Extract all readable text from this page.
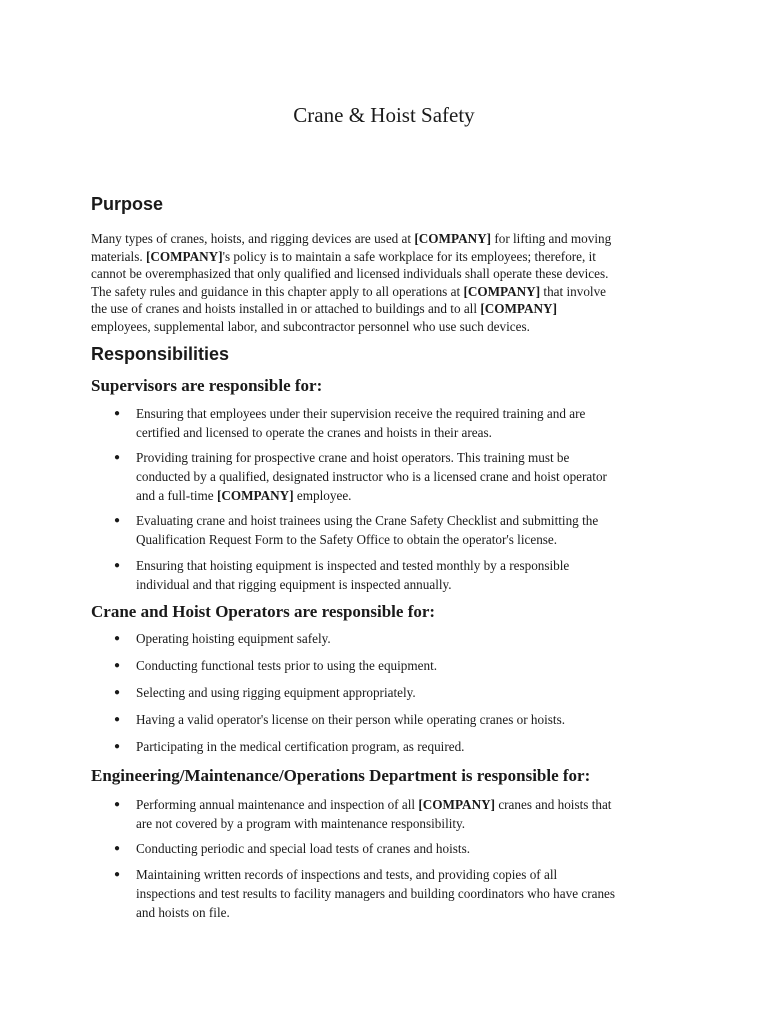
Crane & Hoist Safety
Purpose

Many types of cranes, hoists, and rigging devices are used at [COMPANY] for lifting and moving
materials. [COMPANY]'s policy is to maintain a safe workplace for its employees; therefore, it
cannot be overemphasized that only qualified and licensed individuals shall operate these devices.
The safety rules and guidance in this chapter apply to all operations at [COMPANY] that involve
the use of cranes and hoists installed in or attached to buildings and to all [COMPANY]
employees, supplemental labor, and subcontractor personnel who use such devices.

Responsibilities
Supervisors are responsible for:
● Ensuring that employees under their supervision receive the required training and are
certified and licensed to operate the cranes and hoists in their areas.
● Providing training for prospective crane and hoist operators. This training must be
conducted by a qualified, designated instructor who is a licensed crane and hoist operator
and a full-time [COMPANY] employee.
● Evaluating crane and hoist trainees using the Crane Safety Checklist and submitting the
Qualification Request Form to the Safety Office to obtain the operator's license.
● Ensuring that hoisting equipment is inspected and tested monthly by a responsible
individual and that rigging equipment is inspected annually.
Crane and Hoist Operators are responsible for:
● Operating hoisting equipment safely.
● Conducting functional tests prior to using the equipment.
● Selecting and using rigging equipment appropriately.
● Having a valid operator's license on their person while operating cranes or hoists.
● Participating in the medical certification program, as required.
Engineering/Maintenance/Operations Department is responsible for:
● Performing annual maintenance and inspection of all [COMPANY] cranes and hoists that
are not covered by a program with maintenance responsibility.
● Conducting periodic and special load tests of cranes and hoists.
● Maintaining written records of inspections and tests, and providing copies of all
inspections and test results to facility managers and building coordinators who have cranes
and hoists on file.
